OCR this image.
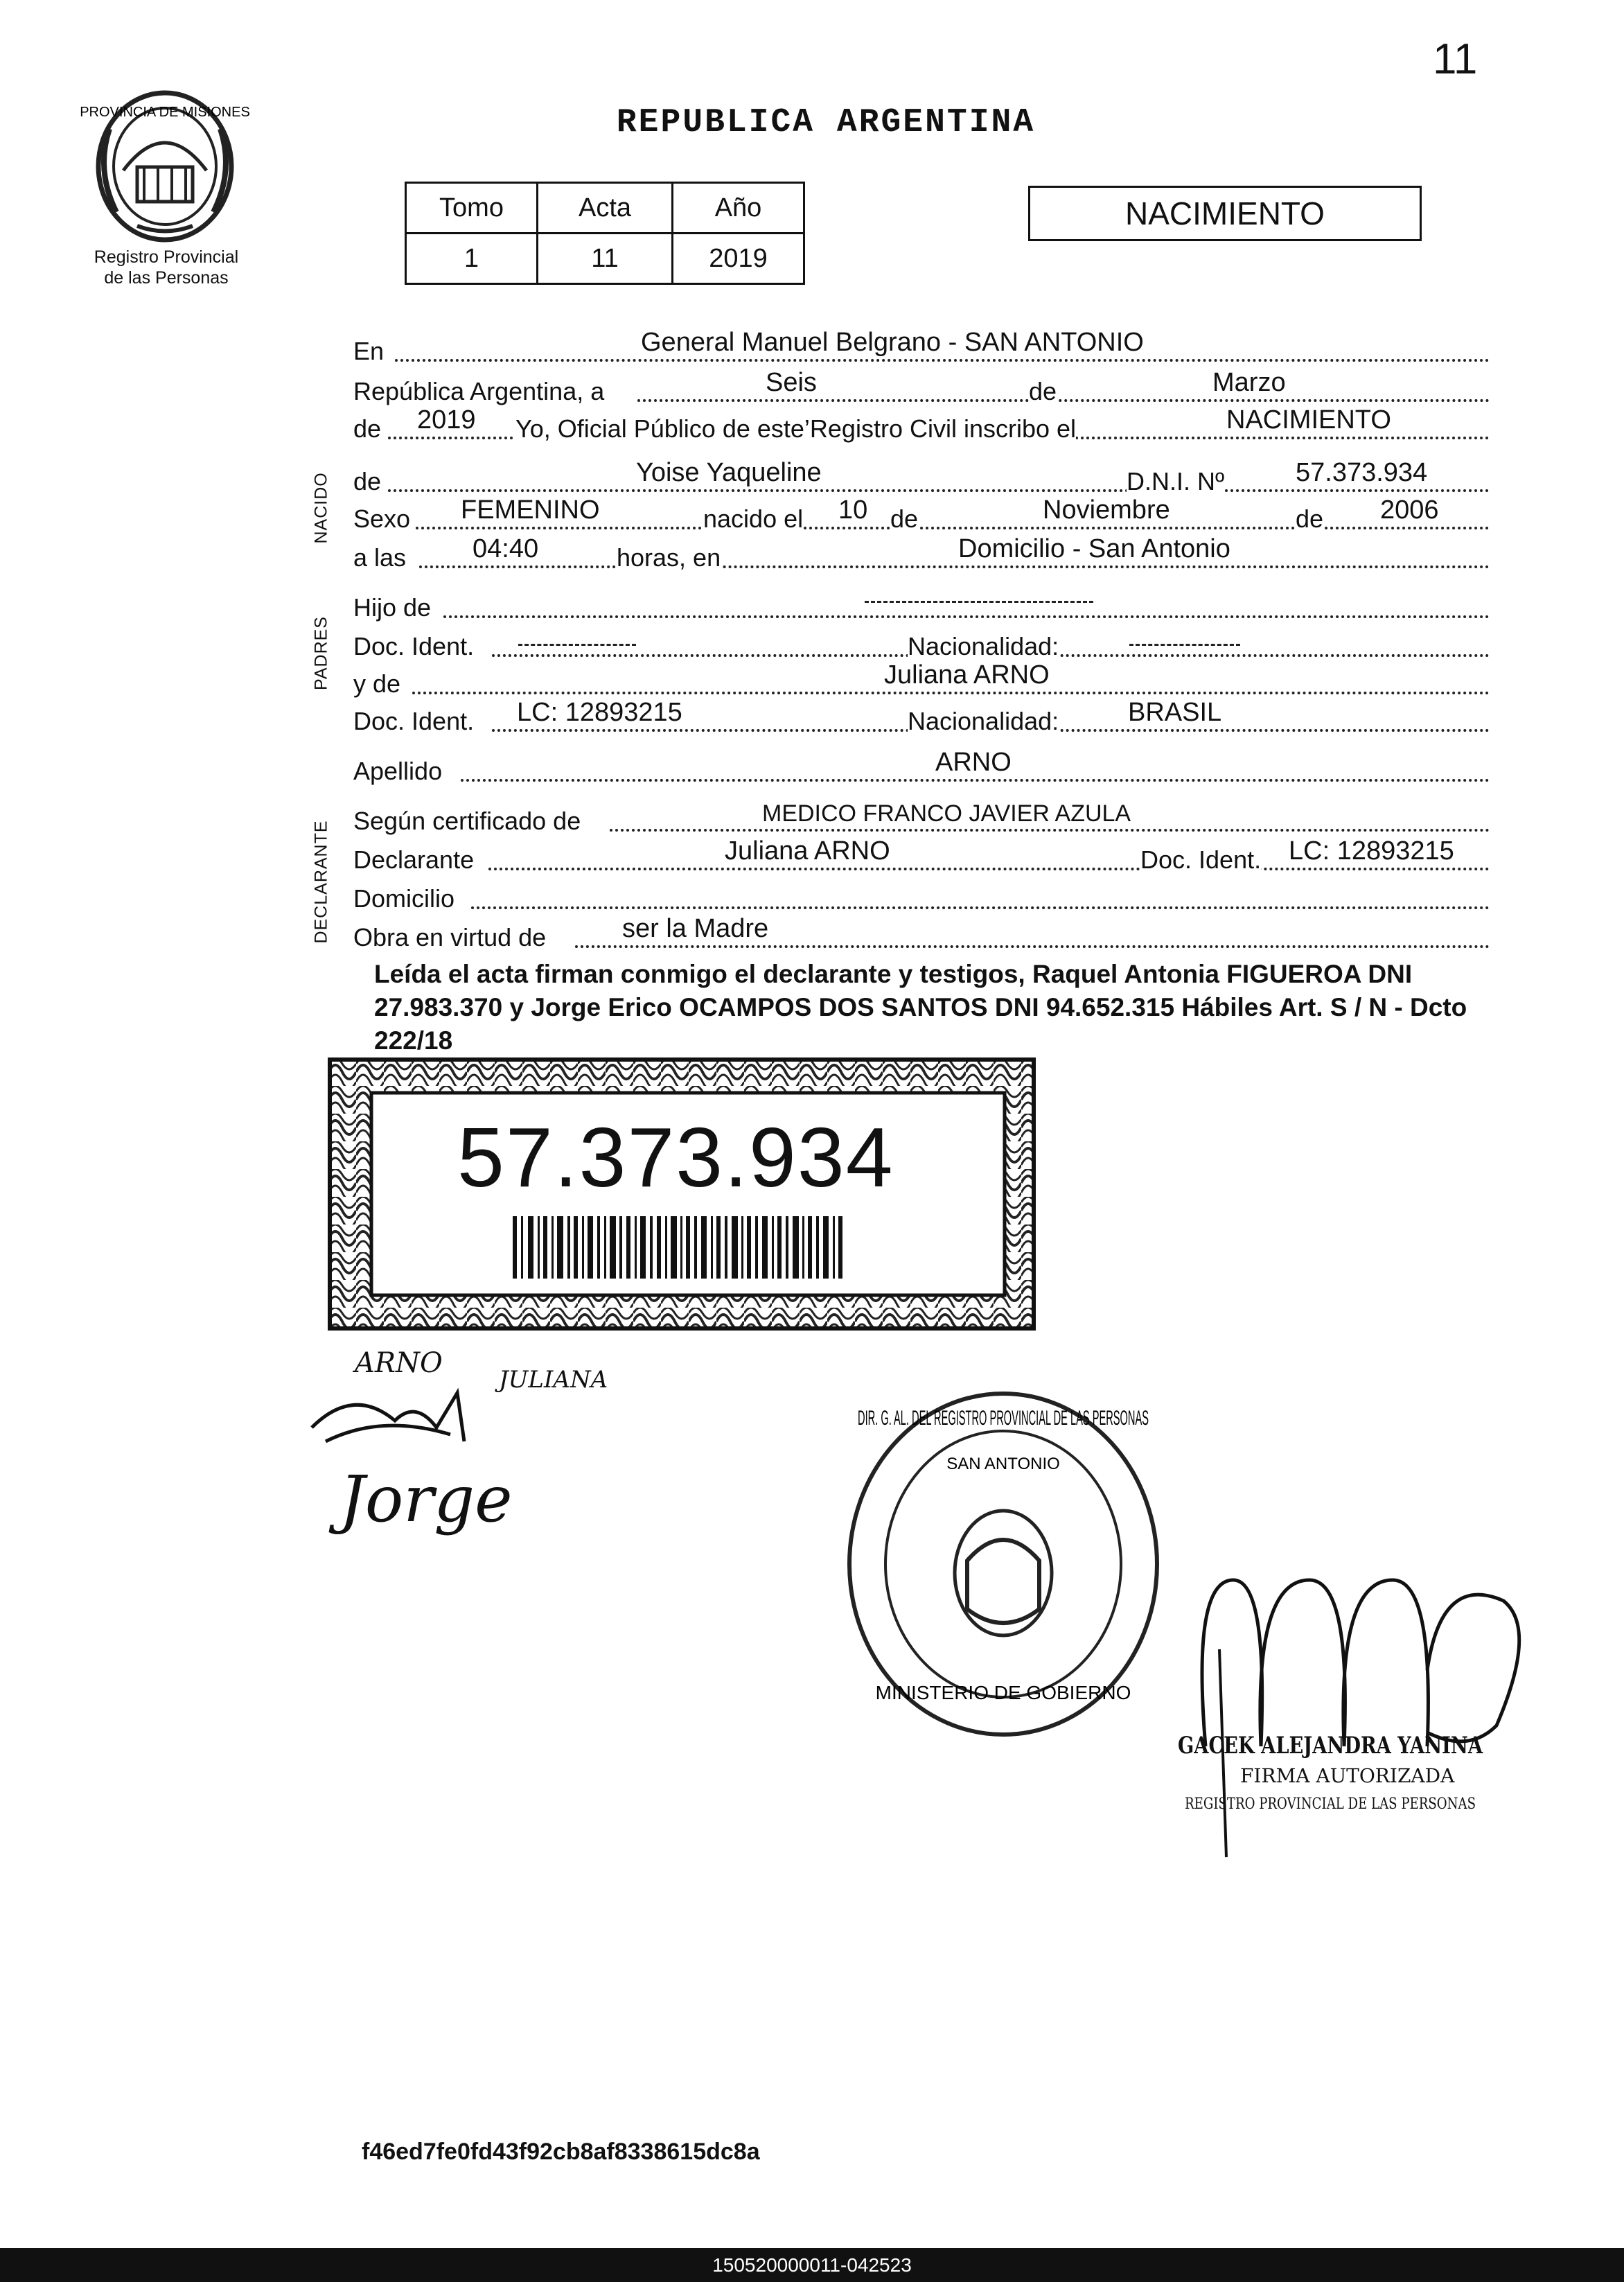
11
PROVINCIA DE MISIONES
Registro Provincial
de las Personas
REPUBLICA ARGENTINA
Tomo	Acta	Año
1	11	2019
NACIMIENTO
NACIDO
PADRES
DECLARANTE
En	General Manuel Belgrano - SAN ANTONIO
República Argentina, a	Seis	de	Marzo
de 2019 Yo, Oficial Público de este’Registro Civil inscribo el	NACIMIENTO
de	Yoise Yaqueline	D.N.I. Nº	57.373.934
Sexo FEMENINO	nacido el 10 de	Noviembre	de 2006
a las	04:40	horas, en	Domicilio - San Antonio
Hijo de
Doc. Ident.	Nacionalidad:
y de	Juliana ARNO
Doc. Ident. LC: 12893215	Nacionalidad:	BRASIL
Apellido	ARNO
Según certificado de	MEDICO FRANCO JAVIER AZULA
Declarante	Juliana ARNO	Doc. Ident. LC: 12893215
Domicilio
Obra en virtud de	ser la Madre
Leída el acta firman conmigo el declarante y testigos, Raquel Antonia FIGUEROA DNI 27.983.370 y Jorge Erico OCAMPOS DOS SANTOS DNI 94.652.315 Hábiles Art. S / N - Dcto 222/18
57.373.934
ARNO
JULIANA
Jorge
DIR. G. AL. DEL REGISTRO PROVINCIAL DE LAS PERSONAS
SAN ANTONIO
MINISTERIO DE GOBIERNO
GACEK ALEJANDRA YANINA
FIRMA AUTORIZADA
REGISTRO PROVINCIAL DE LAS PERSONAS
f46ed7fe0fd43f92cb8af8338615dc8a
150520000011-042523
